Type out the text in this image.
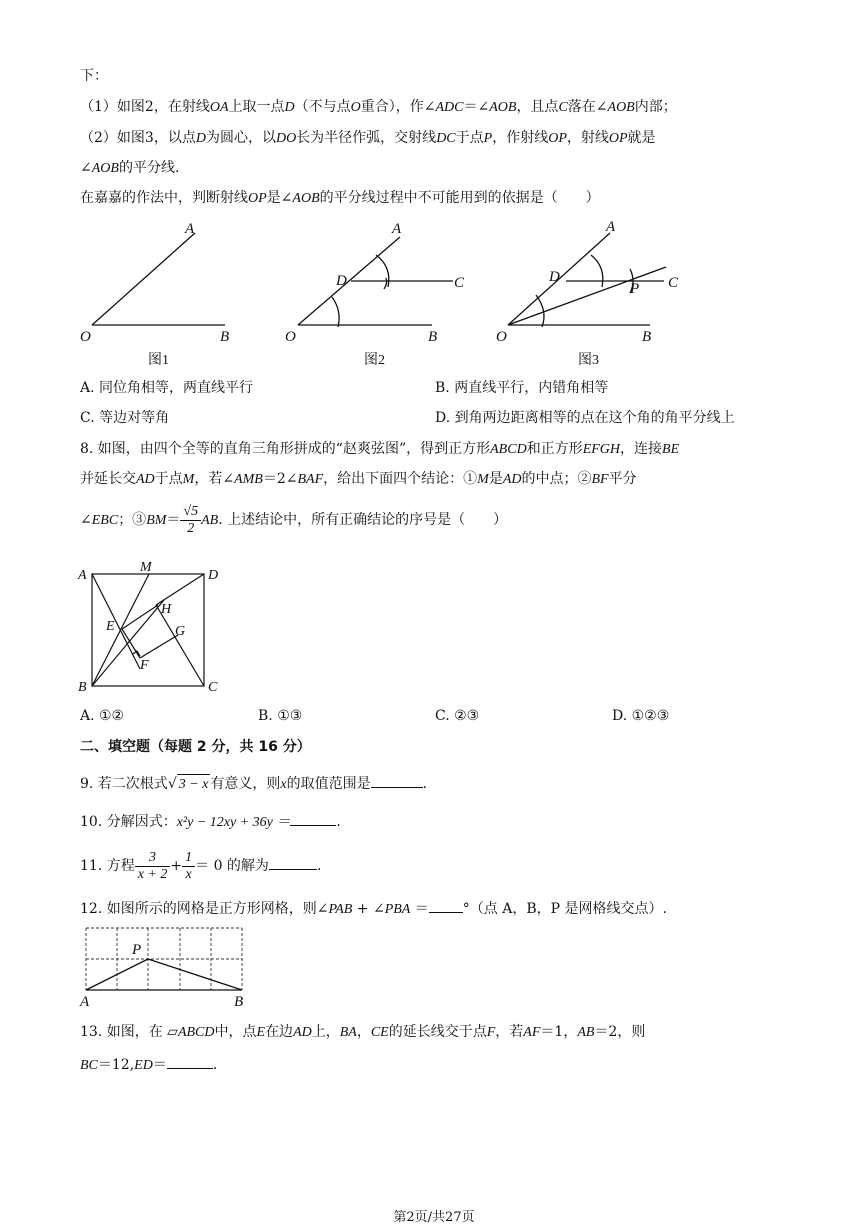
下：
（1）如图2，在射线OA上取一点D（不与点O重合），作∠ADC＝∠AOB，且点C落在∠AOB内部；
（2）如图3，以点D为圆心，以DO长为半径作弧，交射线DC于点P，作射线OP，射线OP就是
∠AOB的平分线.
在嘉嘉的作法中，判断射线OP是∠AOB的平分线过程中不可能用到的依据是（　　）
A
O	B
A
D	C
O	B
A
D
P C
O	B
图1	图2	图3
A. 同位角相等，两直线平行	B. 两直线平行，内错角相等
C. 等边对等角	D. 到角两边距离相等的点在这个角的角平分线上
8. 如图，由四个全等的直角三角形拼成的“赵爽弦图”，得到正方形ABCD和正方形EFGH，连接BE
并延长交AD于点M，若∠AMB＝2∠BAF，给出下面四个结论：①M是AD的中点；②BF平分
∠EBC；③BM＝ $\frac{√5}{2}$ AB. 上述结论中，所有正确结论的序号是（　　）
A
M
D
H
E	G
F
B	C
A. ①②	B. ①③	C. ②③	D. ①②③
二、填空题（每题 2 分，共 16 分）
9. 若二次根式√ 3 − x 有意义，则x的取值范围是	.
10. 分解因式：x²y − 12xy + 36y ＝	.
11. 方程 $\frac{3}{x + 2} + \frac{1}{x} = 0$ 的解为	.
12. 如图所示的网格是正方形网格，则∠PAB + ∠PBA ＝ °（点 A，B，P 是网格线交点）.
P
A	B
13. 如图，在 ▱ABCD中，点E在边AD上，BA，CE的延长线交于点F，若AF＝1，AB＝2，则
BC＝12,ED＝	.
第2页/共27页
